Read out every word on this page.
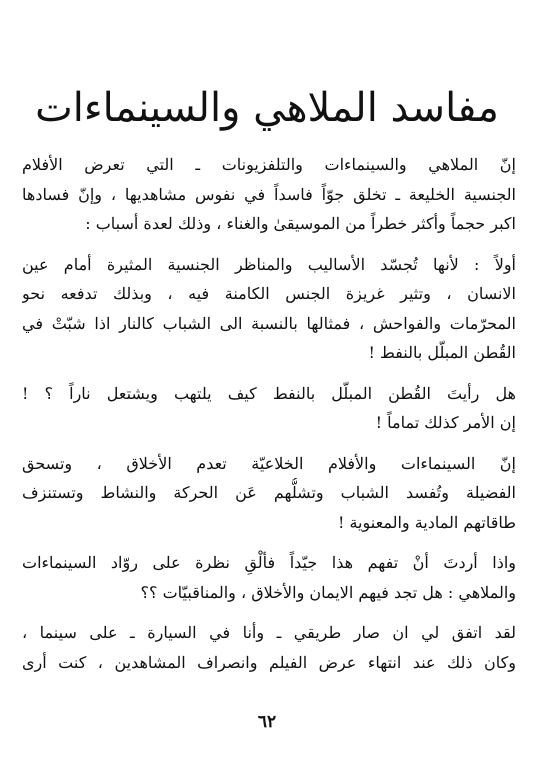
مفاسد الملاهي والسينماءات

إنّ الملاهي والسينماءات والتلفزيونات ـ التي تعرض الأفلام
الجنسية الخليعة ـ تخلق جوّاً فاسداً في نفوس مشاهديها ، وإنّ فسادها
اكبر حجماً وأكثر خطراً من الموسيقىٰ والغناء ، وذلك لعدة أسباب :

أولاً : لأنها تُجسّد الأساليب والمناظر الجنسية المثيرة أمام عين
الانسان ، وتثير غريزة الجنس الكامنة فيه ، وبذلك تدفعه نحو
المحرّمات والفواحش ، فمثالها بالنسبة الى الشباب كالنار اذا شبّتْ في
القُطن المبلّل بالنفط !

هل رأيتَ القُطن المبلّل بالنفط كيف يلتهب ويشتعل ناراً ؟ !
إن الأمر كذلك تماماً !

إنّ السينماءات والأفلام الخلاعيّة تعدم الأخلاق ، وتسحق
الفضيلة وتُفسد الشباب وتشلُّهم عَن الحركة والنشاط وتستنزف
طاقاتهم المادية والمعنوية !

واذا أردتَ أنْ تفهم هذا جيّداً فألْقِ نظرة على روّاد السينماءات
والملاهي : هل تجد فيهم الايمان والأخلاق ، والمناقبيّات ؟؟

لقد اتفق لي ان صار طريقي ـ وأنا في السيارة ـ على سينما ،
وكان ذلك عند انتهاء عرض الفيلم وانصراف المشاهدين ، كنت أرى

٦٢
